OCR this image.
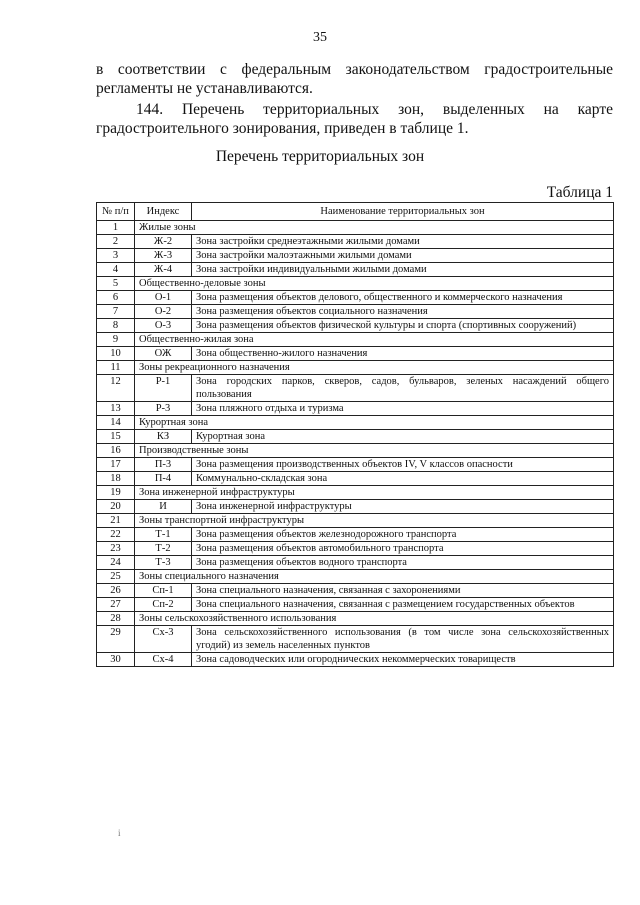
35
в соответствии с федеральным законодательством градостроительные
регламенты не устанавливаются.
144. Перечень территориальных зон, выделенных на карте
градостроительного зонирования, приведен в таблице 1.
Перечень территориальных зон
Таблица 1
№ п/п	Индекс	Наименование территориальных зон
1	Жилые зоны	
2	Ж-2	Зона застройки среднеэтажными жилыми домами
3	Ж-3	Зона застройки малоэтажными жилыми домами
4	Ж-4	Зона застройки индивидуальными жилыми домами
5	Общественно-деловые зоны	
6	О-1	Зона размещения объектов делового, общественного и коммерческого назначения
7	О-2	Зона размещения объектов социального назначения
8	О-3	Зона размещения объектов физической культуры и спорта (спортивных сооружений)
9	Общественно-жилая зона	
10	ОЖ	Зона общественно-жилого назначения
11	Зоны рекреационного назначения	
12	Р-1	Зона городских парков, скверов, садов, бульваров, зеленых насаждений общего пользования
13	Р-3	Зона пляжного отдыха и туризма
14	Курортная зона	
15	КЗ	Курортная зона
16	Производственные зоны	
17	П-3	Зона размещения производственных объектов IV, V классов опасности
18	П-4	Коммунально-складская зона
19	Зона инженерной инфраструктуры	
20	И	Зона инженерной инфраструктуры
21	Зоны транспортной инфраструктуры	
22	Т-1	Зона размещения объектов железнодорожного транспорта
23	Т-2	Зона размещения объектов автомобильного транспорта
24	Т-3	Зона размещения объектов водного транспорта
25	Зоны специального назначения	
26	Сп-1	Зона специального назначения, связанная с захоронениями
27	Сп-2	Зона специального назначения, связанная с размещением государственных объектов
28	Зоны сельскохозяйственного использования	
29	Сх-3	Зона сельскохозяйственного использования (в том числе зона сельскохозяйственных угодий) из земель населенных пунктов
30	Сх-4	Зона садоводческих или огороднических некоммерческих товариществ
i
